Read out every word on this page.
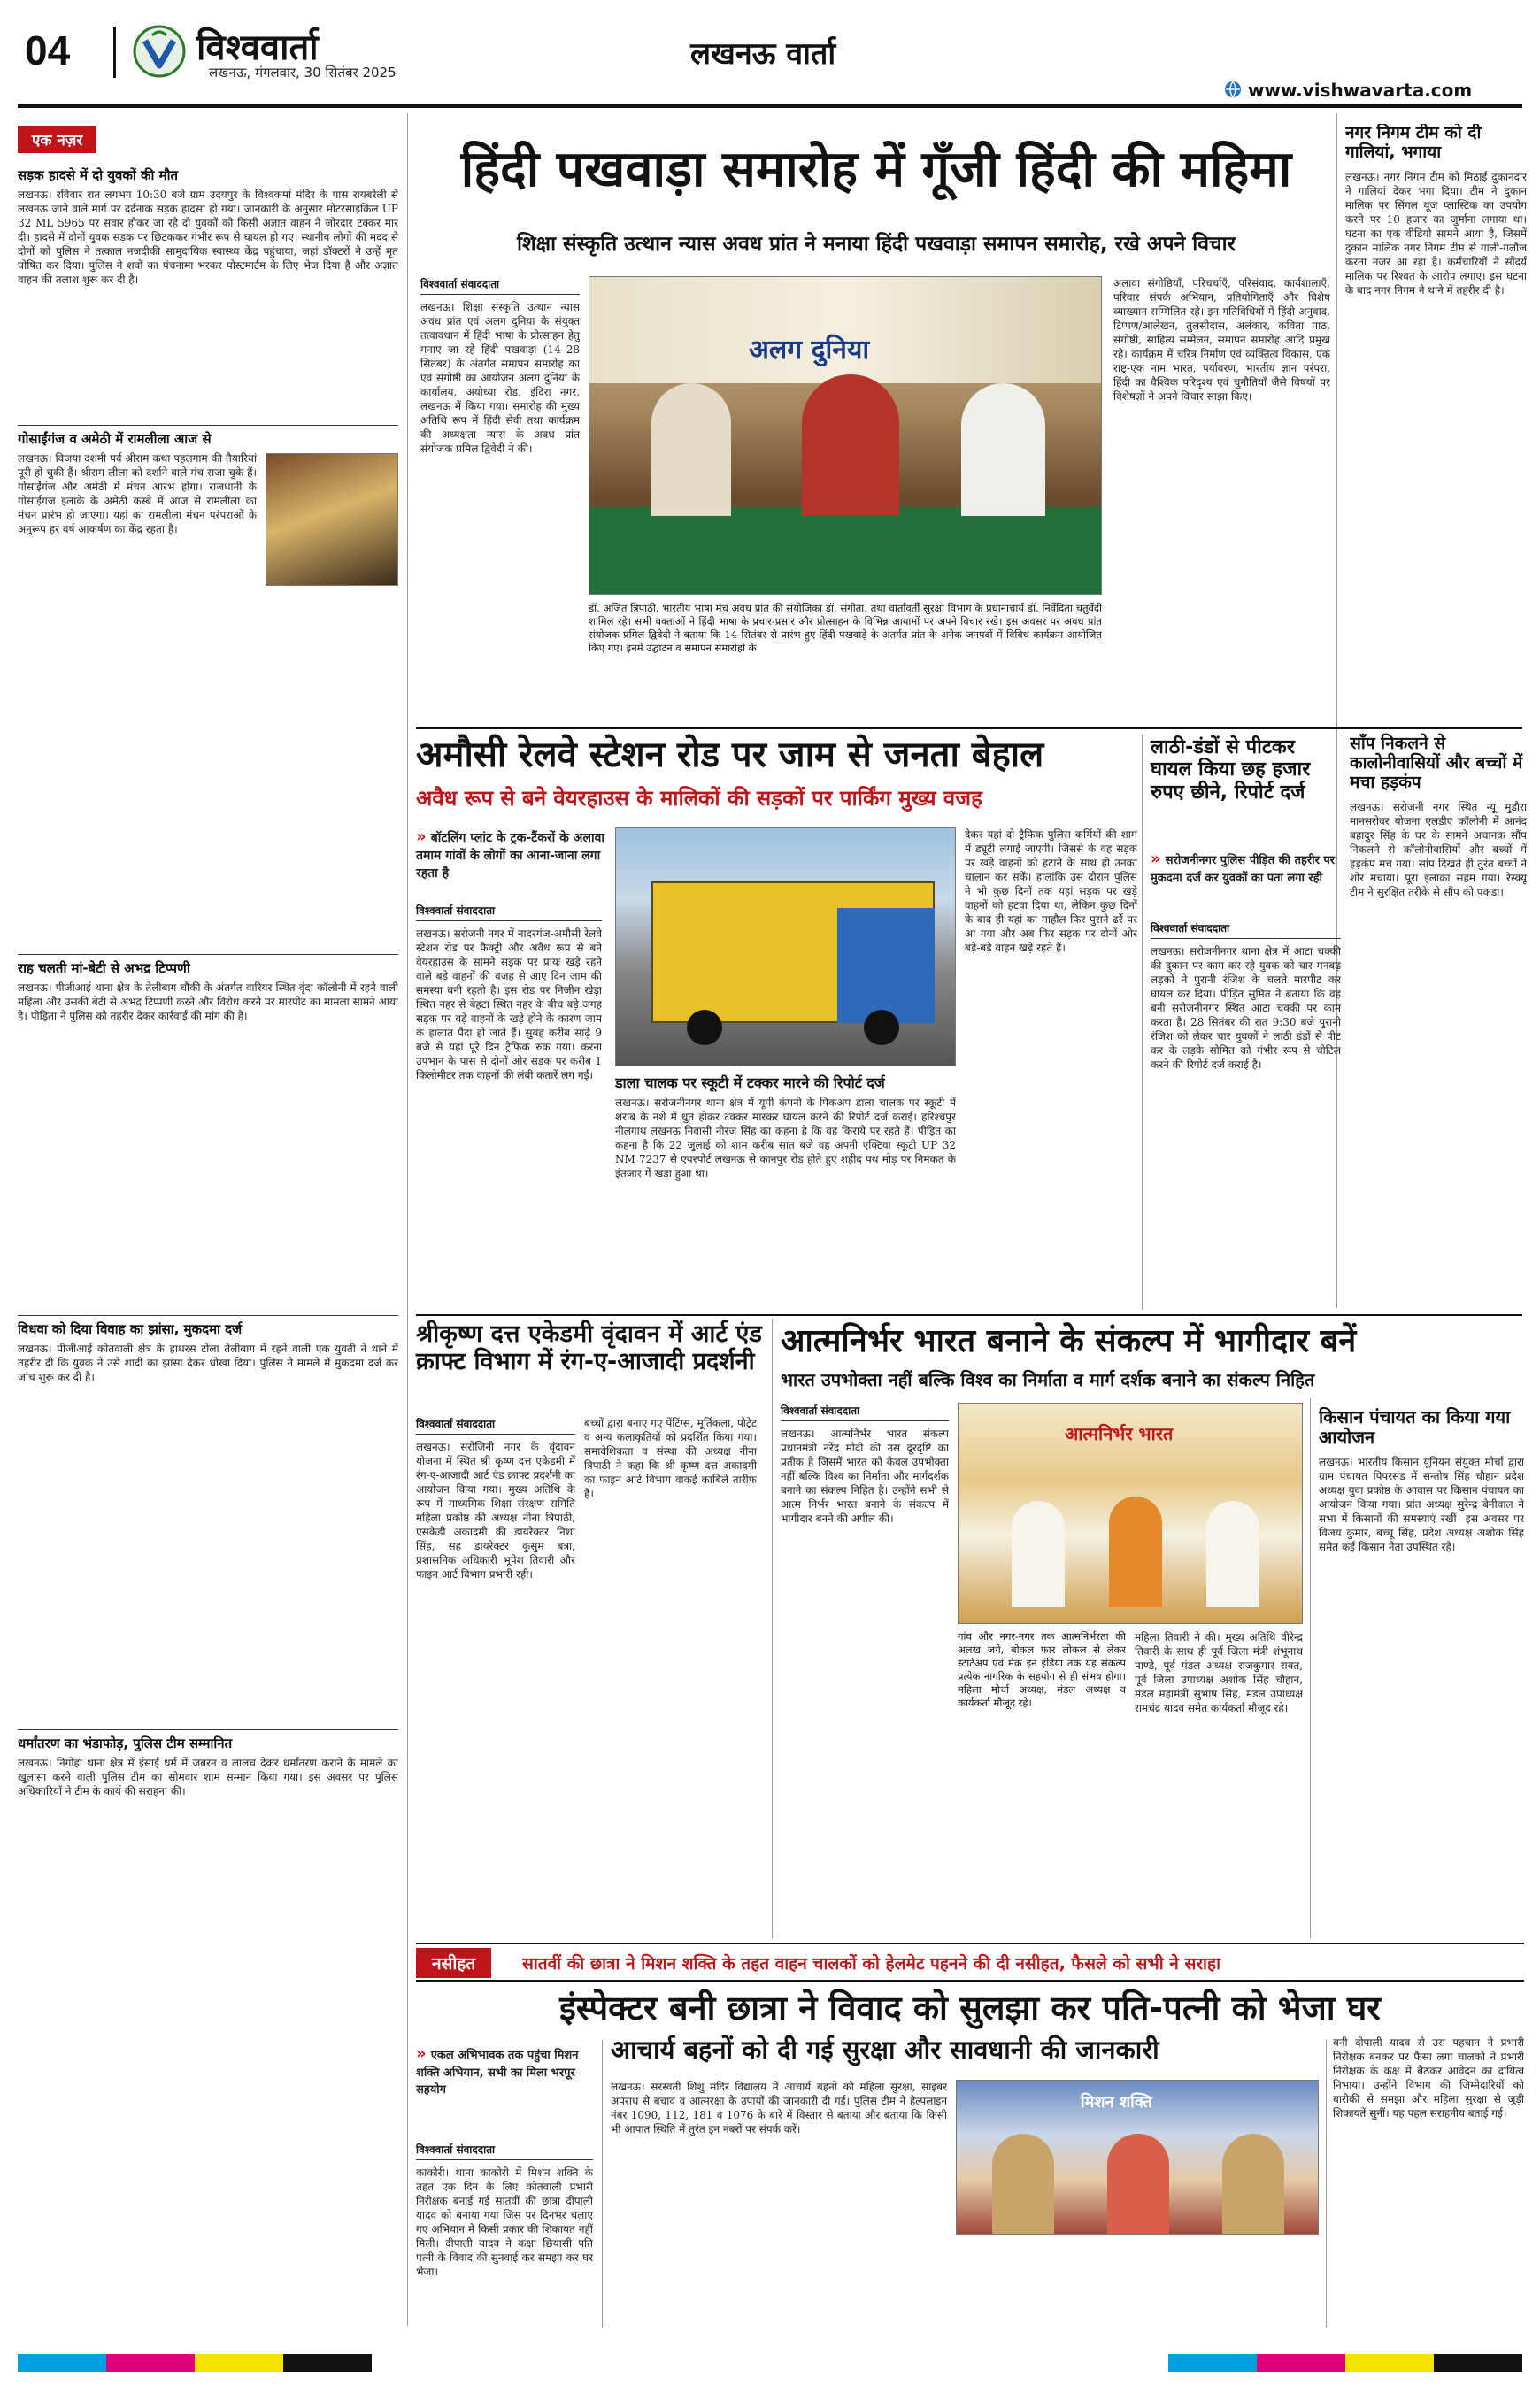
04	विश्ववार्ता
लखनऊ, मंगलवार, 30 सितंबर 2025
लखनऊ वार्ता
www.vishwavarta.com
एक नज़र
सड़क हादसे में दो युवकों की मौत
लखनऊ। रविवार रात लगभग 10:30 बजे ग्राम उदयपुर के विश्वकर्मा मंदिर के पास रायबरेली से लखनऊ जाने वाले मार्ग पर दर्दनाक सड़क हादसा हो गया। जानकारी के अनुसार मोटरसाइकिल UP 32 ML 5965 पर सवार होकर जा रहे दो युवकों को किसी अज्ञात वाहन ने जोरदार टक्कर मार दी। हादसे में दोनों युवक सड़क पर छिटककर गंभीर रूप से घायल हो गए। स्थानीय लोगों की मदद से दोनों को पुलिस ने तत्काल नजदीकी सामुदायिक स्वास्थ्य केंद्र पहुंचाया, जहां डॉक्टरों ने उन्हें मृत घोषित कर दिया। पुलिस ने शवों का पंचनामा भरकर पोस्टमार्टम के लिए भेज दिया है और अज्ञात वाहन की तलाश शुरू कर दी है।
गोसाईंगंज व अमेठी में रामलीला आज से
लखनऊ। विजया दशमी पर्व श्रीराम कथा पहलगाम की तैयारियां पूरी हो चुकी हैं। श्रीराम लीला को दर्शाने वाले मंच सजा चुके हैं। गोसाईंगंज और अमेठी में मंचन आरंभ होगा। राजधानी के गोसाईंगंज इलाके के अमेठी कस्बे में आज से रामलीला का मंचन प्रारंभ हो जाएगा। यहां का रामलीला मंचन परंपराओं के अनुरूप हर वर्ष आकर्षण का केंद्र रहता है।
राह चलती मां-बेटी से अभद्र टिप्पणी
लखनऊ। पीजीआई थाना क्षेत्र के तेलीबाग चौकी के अंतर्गत वारियर स्थित वृंदा कॉलोनी में रहने वाली महिला और उसकी बेटी से अभद्र टिप्पणी करने और विरोध करने पर मारपीट का मामला सामने आया है। पीड़िता ने पुलिस को तहरीर देकर कार्रवाई की मांग की है।
विधवा को दिया विवाह का झांसा, मुकदमा दर्ज
लखनऊ। पीजीआई कोतवाली क्षेत्र के हाथरस टोला तेलीबाग में रहने वाली एक युवती ने थाने में तहरीर दी कि युवक ने उसे शादी का झांसा देकर धोखा दिया। पुलिस ने मामले में मुकदमा दर्ज कर जांच शुरू कर दी है।
धर्मांतरण का भंडाफोड़, पुलिस टीम सम्मानित
लखनऊ। निगोहां थाना क्षेत्र में ईसाई धर्म में जबरन व लालच देकर धर्मांतरण कराने के मामले का खुलासा करने वाली पुलिस टीम का सोमवार शाम सम्मान किया गया। इस अवसर पर पुलिस अधिकारियों ने टीम के कार्य की सराहना की।
हिंदी पखवाड़ा समारोह में गूँजी हिंदी की महिमा
शिक्षा संस्कृति उत्थान न्यास अवध प्रांत ने मनाया हिंदी पखवाड़ा समापन समारोह, रखे अपने विचार
विश्ववार्ता संवाददाता
लखनऊ। शिक्षा संस्कृति उत्थान न्यास अवध प्रांत एवं अलग दुनिया के संयुक्त तत्वावधान में हिंदी भाषा के प्रोत्साहन हेतु मनाए जा रहे हिंदी पखवाड़ा (14–28 सितंबर) के अंतर्गत समापन समारोह का एवं संगोष्ठी का आयोजन अलग दुनिया के कार्यालय, अयोध्या रोड, इंदिरा नगर, लखनऊ में किया गया। समारोह की मुख्य अतिथि रूप में हिंदी सेवी तथा कार्यक्रम की अध्यक्षता न्यास के अवध प्रांत संयोजक प्रमिल द्विवेदी ने की।
अलग दुनिया
डॉ. अजित त्रिपाठी, भारतीय भाषा मंच अवध प्रांत की संयोजिका डॉ. संगीता, तथा वार्तावर्ती सुरक्षा विभाग के प्रधानाचार्य डॉ. निर्वेदिता चतुर्वेदी शामिल रहे। सभी वक्ताओं ने हिंदी भाषा के प्रचार-प्रसार और प्रोत्साहन के विभिन्न आयामों पर अपने विचार रखे। इस अवसर पर अवध प्रांत संयोजक प्रमिल द्विवेदी ने बताया कि 14 सितंबर से प्रारंभ हुए हिंदी पखवाड़े के अंतर्गत प्रांत के अनेक जनपदों में विविध कार्यक्रम आयोजित किए गए। इनमें उद्घाटन व समापन समारोहों के
अलावा संगोष्ठियाँ, परिचर्चाएँ, परिसंवाद, कार्यशालाएँ, परिवार संपर्क अभियान, प्रतियोगिताएँ और विशेष व्याख्यान सम्मिलित रहे। इन गतिविधियों में हिंदी अनुवाद, टिप्पण/आलेखन, तुलसीदास, अलंकार, कविता पाठ, संगोष्ठी, साहित्य सम्मेलन, समापन समारोह आदि प्रमुख रहे। कार्यक्रम में चरित्र निर्माण एवं व्यक्तित्व विकास, एक राष्ट्र-एक नाम भारत, पर्यावरण, भारतीय ज्ञान परंपरा, हिंदी का वैश्विक परिदृश्य एवं चुनौतियाँ जैसे विषयों पर विशेषज्ञों ने अपने विचार साझा किए।
नगर निगम टीम को दी गालियां, भगाया
लखनऊ। नगर निगम टीम को मिठाई दुकानदार ने गालियां देकर भगा दिया। टीम ने दुकान मालिक पर सिंगल यूज प्लास्टिक का उपयोग करने पर 10 हजार का जुर्माना लगाया था। घटना का एक वीडियो सामने आया है, जिसमें दुकान मालिक नगर निगम टीम से गाली-गलौज करता नजर आ रहा है। कर्मचारियों ने सौंदर्य मालिक पर रिश्वत के आरोप लगाए। इस घटना के बाद नगर निगम ने थाने में तहरीर दी है।
अमौसी रेलवे स्टेशन रोड पर जाम से जनता बेहाल
अवैध रूप से बने वेयरहाउस के मालिकों की सड़कों पर पार्किंग मुख्य वजह
» बॉटलिंग प्लांट के ट्रक-टैंकरों के अलावा तमाम गांवों के लोगों का आना-जाना लगा रहता है
विश्ववार्ता संवाददाता
लखनऊ। सरोजनी नगर में नादरगंज-अमौसी रेलवे स्टेशन रोड पर फैक्ट्री और अवैध रूप से बने वेयरहाउस के सामने सड़क पर प्रायः खड़े रहने वाले बड़े वाहनों की वजह से आए दिन जाम की समस्या बनी रहती है। इस रोड पर निजीन खेड़ा स्थित नहर से बेहटा स्थित नहर के बीच बड़े जगह सड़क पर बड़े वाहनों के खड़े होने के कारण जाम के हालात पैदा हो जाते हैं। सुबह करीब साढ़े 9 बजे से यहां पूरे दिन ट्रैफिक रुक गया। करना उपभान के पास से दोनों ओर सड़क पर करीब 1 किलोमीटर तक वाहनों की लंबी कतारें लग गईं।	डाला चालक पर स्कूटी में टक्कर मारने की रिपोर्ट दर्ज
लखनऊ। सरोजनीनगर थाना क्षेत्र में यूपी कंपनी के पिकअप डाला चालक पर स्कूटी में शराब के नशे में धुत होकर टक्कर मारकर घायल करने की रिपोर्ट दर्ज कराई। हरिश्चपुर नीलगाथ लखनऊ निवासी नीरज सिंह का कहना है कि वह किराये पर रहते हैं। पीड़ित का कहना है कि 22 जुलाई को शाम करीब सात बजे वह अपनी एक्टिवा स्कूटी UP 32 NM 7237 से एयरपोर्ट लखनऊ से कानपुर रोड होते हुए शहीद पथ मोड़ पर निमकत के इंतजार में खड़ा हुआ था।
देकर यहां दो ट्रैफिक पुलिस कर्मियों की शाम में ड्यूटी लगाई जाएगी। जिससे के वह सड़क पर खड़े वाहनों को हटाने के साथ ही उनका चालान कर सकें। हालांकि उस दौरान पुलिस ने भी कुछ दिनों तक यहां सड़क पर खड़े वाहनों को हटवा दिया था, लेकिन कुछ दिनों के बाद ही यहां का माहौल फिर पुराने ढर्रे पर आ गया और अब फिर सड़क पर दोनों ओर बड़े-बड़े वाहन खड़े रहते हैं।
लाठी-डंडों से पीटकर घायल किया छह हजार रुपए छीने, रिपोर्ट दर्ज
» सरोजनीनगर पुलिस पीड़ित की तहरीर पर मुकदमा दर्ज कर युवकों का पता लगा रही
विश्ववार्ता संवाददाता
लखनऊ। सरोजनीनगर थाना क्षेत्र में आटा चक्की की दुकान पर काम कर रहे युवक को चार मनबढ़ लड़कों ने पुरानी रंजिश के चलते मारपीट कर घायल कर दिया। पीड़ित सुमित ने बताया कि वह बनी सरोजनीनगर स्थित आटा चक्की पर काम करता है। 28 सितंबर की रात 9:30 बजे पुरानी रंजिश को लेकर चार युवकों ने लाठी डंडों से पीट कर के लड़के सोमित को गंभीर रूप से चोटिल करने की रिपोर्ट दर्ज कराई है।
साँप निकलने से कालोनीवासियों और बच्चों में मचा हड़कंप
लखनऊ। सरोजनी नगर स्थित न्यू मुड़ौरा मानसरोवर योजना एलडीए कॉलोनी में आनंद बहादुर सिंह के घर के सामने अचानक सौंप निकलने से कॉलोनीवासियों और बच्चों में हड़कंप मच गया। सांप दिखते ही तुरंत बच्चों ने शोर मचाया। पूरा इलाका सहम गया। रेस्क्यू टीम ने सुरक्षित तरीके से सौंप को पकड़ा।
श्रीकृष्ण दत्त एकेडमी वृंदावन में आर्ट एंड क्राफ्ट विभाग में रंग-ए-आजादी प्रदर्शनी
विश्ववार्ता संवाददाता
लखनऊ। सरोजिनी नगर के वृंदावन योजना में स्थित श्री कृष्ण दत्त एकेडमी में रंग-ए-आजादी आर्ट एंड क्राफ्ट प्रदर्शनी का आयोजन किया गया। मुख्य अतिथि के रूप में माध्यमिक शिक्षा संरक्षण समिति महिला प्रकोष्ठ की अध्यक्ष नीना त्रिपाठी, एसकेडी अकादमी की डायरेक्टर निशा सिंह, सह डायरेक्टर कुसुम बत्रा, प्रशासनिक अधिकारी भूपेश तिवारी और फाइन आर्ट विभाग प्रभारी रही।
बच्चों द्वारा बनाए गए पेंटिंग्स, मूर्तिकला, पोट्रेट व अन्य कलाकृतियों को प्रदर्शित किया गया। समावेशिकता व संस्था की अध्यक्ष नीना त्रिपाठी ने कहा कि श्री कृष्ण दत्त अकादमी का फाइन आर्ट विभाग वाकई काबिले तारीफ है।
आत्मनिर्भर भारत बनाने के संकल्प में भागीदार बनें
भारत उपभोक्ता नहीं बल्कि विश्व का निर्माता व मार्ग दर्शक बनाने का संकल्प निहित
विश्ववार्ता संवाददाता
लखनऊ। आत्मनिर्भर भारत संकल्प प्रधानमंत्री नरेंद्र मोदी की उस दूरदृष्टि का प्रतीक है जिसमें भारत को केवल उपभोक्ता नहीं बल्कि विश्व का निर्माता और मार्गदर्शक बनाने का संकल्प निहित है। उन्होंने सभी से आत्म निर्भर भारत बनाने के संकल्प में भागीदार बनने की अपील की।
आत्मनिर्भर भारत
गांव और नगर-नगर तक आत्मनिर्भरता की अलख जगे, बोकल फार लोकल से लेकर स्टार्टअप एवं मेक इन इंडिया तक यह संकल्प प्रत्येक नागरिक के सहयोग से ही संभव होगा। महिला मोर्चा अध्यक्ष, मंडल अध्यक्ष व कार्यकर्ता मौजूद रहे।
महिला तिवारी ने की। मुख्य अतिथि वीरेन्द्र तिवारी के साथ ही पूर्व जिला मंत्री शंभूनाथ पाण्डे, पूर्व मंडल अध्यक्ष राजकुमार रावत, पूर्व जिला उपाध्यक्ष अशोक सिंह चौहान, मंडल महामंत्री सुभाष सिंह, मंडल उपाध्यक्ष रामचंद्र यादव समेत कार्यकर्ता मौजूद रहे।
किसान पंचायत का किया गया आयोजन
लखनऊ। भारतीय किसान यूनियन संयुक्त मोर्चा द्वारा ग्राम पंचायत पिपरसंड में सन्तोष सिंह चौहान प्रदेश अध्यक्ष युवा प्रकोष्ठ के आवास पर किसान पंचायत का आयोजन किया गया। प्रांत अध्यक्ष सुरेन्द्र बेनीवाल ने सभा में किसानों की समस्याएं रखीं। इस अवसर पर विजय कुमार, बच्चू सिंह, प्रदेश अध्यक्ष अशोक सिंह समेत कई किसान नेता उपस्थित रहे।
नसीहत	सातवीं की छात्रा ने मिशन शक्ति के तहत वाहन चालकों को हेलमेट पहनने की दी नसीहत, फैसले को सभी ने सराहा
इंस्पेक्टर बनी छात्रा ने विवाद को सुलझा कर पति-पत्नी को भेजा घर
» एकल अभिभावक तक पहुंचा मिशन शक्ति अभियान, सभी का मिला भरपूर सहयोग
विश्ववार्ता संवाददाता
काकोरी। थाना काकोरी में मिशन शक्ति के तहत एक दिन के लिए कोतवाली प्रभारी निरीक्षक बनाई गई सातवीं की छात्रा दीपाली यादव को बनाया गया जिस पर दिनभर चलाए गए अभियान में किसी प्रकार की शिकायत नहीं मिली। दीपाली यादव ने कक्षा छियासी पति पत्नी के विवाद की सुनवाई कर समझा कर घर भेजा।
आचार्य बहनों को दी गई सुरक्षा और सावधानी की जानकारी
लखनऊ। सरस्वती शिशु मंदिर विद्यालय में आचार्य बहनों को महिला सुरक्षा, साइबर अपराध से बचाव व आत्मरक्षा के उपायों की जानकारी दी गई। पुलिस टीम ने हेल्पलाइन नंबर 1090, 112, 181 व 1076 के बारे में विस्तार से बताया और बताया कि किसी भी आपात स्थिति में तुरंत इन नंबरों पर संपर्क करें।
मिशन शक्ति
बनी दीपाली यादव से उस पहचान ने प्रभारी निरीक्षक बनकर पर फैसा लगा चालको ने प्रभारी निरीक्षक के कक्ष में बैठकर आवेदन का दायित्व निभाया। उन्होंने विभाग की जिम्मेदारियों को बारीकी से समझा और महिला सुरक्षा से जुड़ी शिकायतें सुनीं। यह पहल सराहनीय बताई गई।
